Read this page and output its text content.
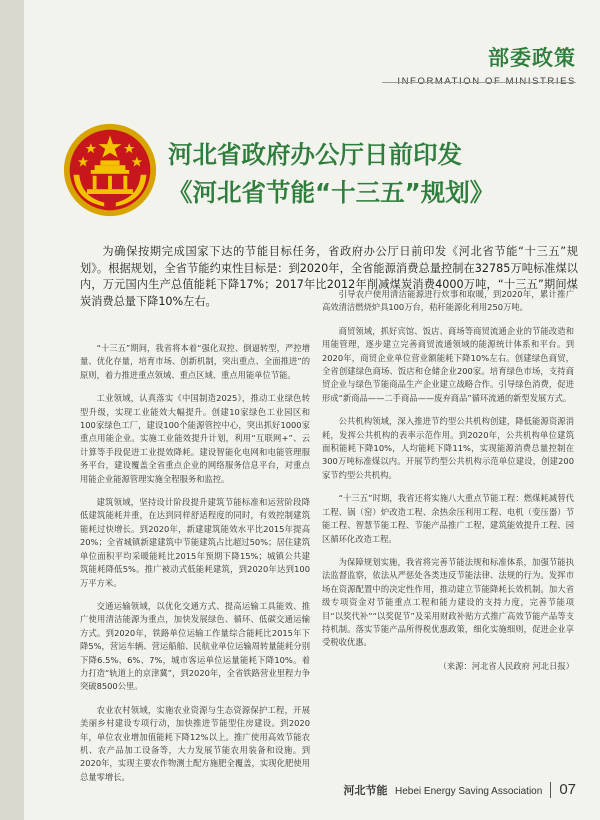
部委政策
河北省政府办公厅日前印发
《河北省节能“十三五”规划》
为确保按期完成国家下达的节能目标任务，省政府办公厅日前印发《河北省节能“十三五”规划》。根据规划，全省节能约束性目标是：到2020年，全省能源消费总量控制在32785万吨标准煤以内，万元国内生产总值能耗下降17%；2017年比2012年削减煤炭消费4000万吨，“十三五”期间煤炭消费总量下降10%左右。

“十三五”期间，我省将本着“强化双控、倒逼转型，严控增量、优化存量，培育市场、创新机制，突出重点、全面推进”的原则，着力推进重点领域、重点区域、重点用能单位节能。

工业领域，认真落实《中国制造2025》，推动工业绿色转型升级，实现工业能效大幅提升。创建10家绿色工业园区和100家绿色工厂，建设100个能源管控中心，突出抓好1000家重点用能企业。实施工业能效提升计划，利用“互联网+”、云计算等手段促进工业提效降耗。建设智能化电网和电能管理服务平台，建设覆盖全省重点企业的网络服务信息平台，对重点用能企业能源管理实施全程服务和监控。

建筑领域，坚持设计阶段提升建筑节能标准和运营阶段降低建筑能耗并重，在达到同样舒适程度的同时，有效控制建筑能耗过快增长。到2020年，新建建筑能效水平比2015年提高20%；全省城镇新建建筑中节能建筑占比超过50%；居住建筑单位面积平均采暖能耗比2015年预期下降15%；城镇公共建筑能耗降低5%。推广被动式低能耗建筑，到2020年达到100万平方米。

交通运输领域，以优化交通方式、提高运输工具能效、推广使用清洁能源为重点，加快发展绿色、循环、低碳交通运输方式。到2020年，铁路单位运输工作量综合能耗比2015年下降5%，营运车辆、营运船舶、民航业单位运输周转量能耗分别下降6.5%、6%、7%，城市客运单位运量能耗下降10%。着力打造“轨道上的京津冀”，到2020年，全省铁路营业里程力争突破8500公里。

农业农村领域，实施农业资源与生态资源保护工程，开展美丽乡村建设专项行动，加快推进节能型住房建设。到2020年，单位农业增加值能耗下降12%以上。推广使用高效节能农机、农产品加工设备等，大力发展节能农用装备和设施。到2020年，实现主要农作物测土配方施肥全覆盖，实现化肥使用总量零增长。

引导农户使用清洁能源进行炊事和取暖，到2020年，累计推广高效清洁燃烧炉具100万台，秸秆能源化利用250万吨。

商贸领域，抓好宾馆、饭店、商场等商贸流通企业的节能改造和用能管理，逐步建立完善商贸流通领域的能源统计体系和平台。到2020年，商贸企业单位营业额能耗下降10%左右。创建绿色商贸，全省创建绿色商场、饭店和仓储企业200家。培育绿色市场，支持商贸企业与绿色节能商品生产企业建立战略合作。引导绿色消费，促进形成“新商品——二手商品——废弃商品”循环流通的新型发展方式。

公共机构领域，深入推进节约型公共机构创建，降低能源资源消耗，发挥公共机构的表率示范作用。到2020年，公共机构单位建筑面积能耗下降10%，人均能耗下降11%，实现能源消费总量控制在300万吨标准煤以内。开展节约型公共机构示范单位建设，创建200家节约型公共机构。

“十三五”时期，我省还将实施八大重点节能工程：燃煤耗减替代工程、锅（窑）炉改造工程、余热余压利用工程、电机（变压器）节能工程、智慧节能工程、节能产品推广工程、建筑能效提升工程、园区循环化改造工程。

为保障规划实施，我省将完善节能法规和标准体系，加强节能执法监督监察，依法从严惩处各类违反节能法律、法规的行为。发挥市场在资源配置中的决定性作用，推动建立节能降耗长效机制。加大省级专项资金对节能重点工程和能力建设的支持力度，完善节能项目“以奖代补”“以奖促节”及采用财政补贴方式推广高效节能产品等支持机制。落实节能产品所得税优惠政策，细化实施细则，促进企业享受税收优惠。

（来源：河北省人民政府 河北日报）

河北节能 Hebei Energy Saving Association 07
